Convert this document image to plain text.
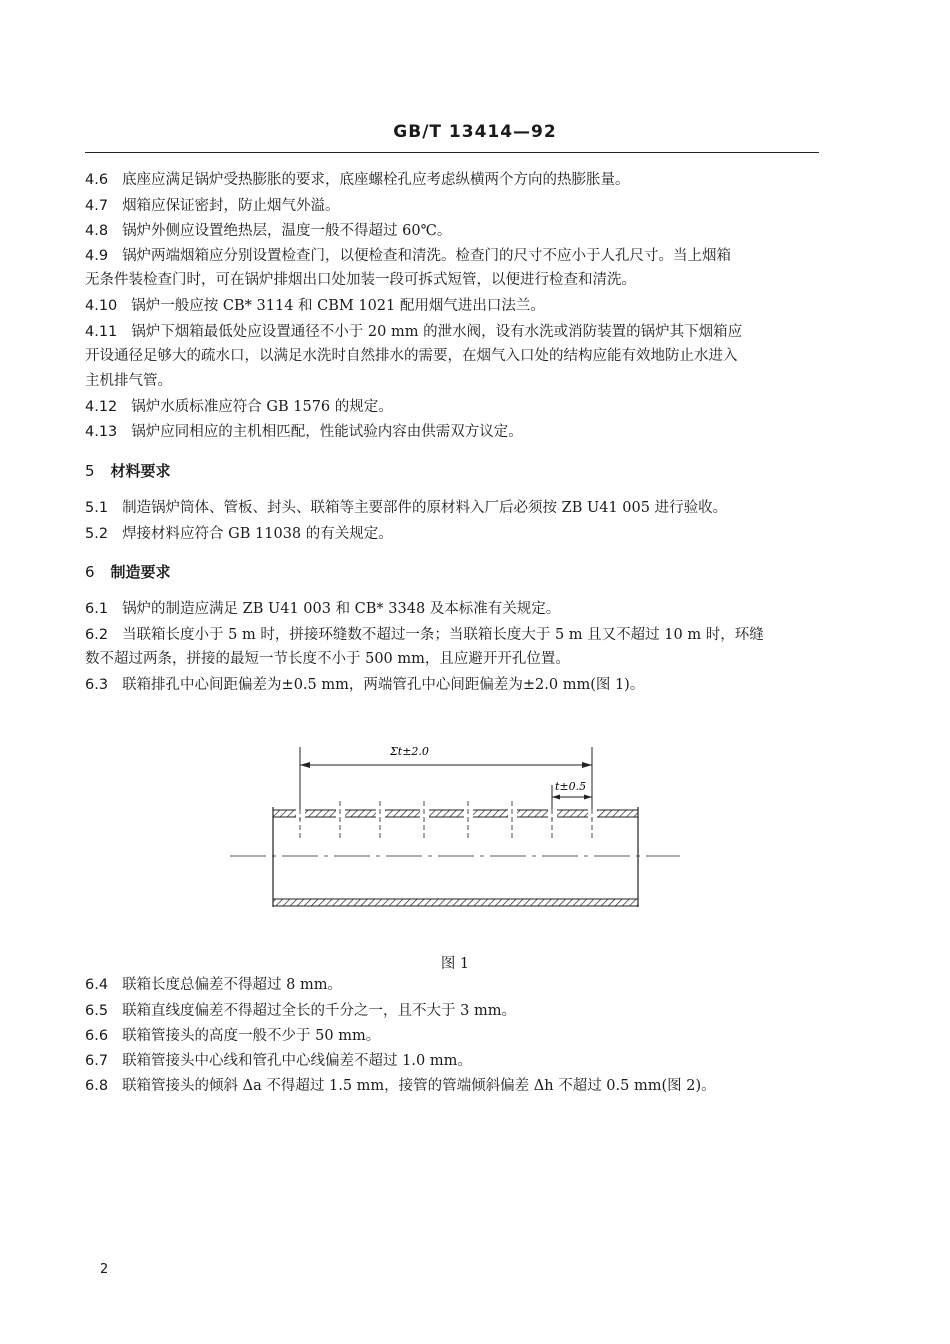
GB/T 13414—92
4.6 底座应满足锅炉受热膨胀的要求，底座螺栓孔应考虑纵横两个方向的热膨胀量。
4.7 烟箱应保证密封，防止烟气外溢。
4.8 锅炉外侧应设置绝热层，温度一般不得超过 60℃。
4.9 锅炉两端烟箱应分别设置检查门，以便检查和清洗。检查门的尺寸不应小于人孔尺寸。当上烟箱
无条件装检查门时，可在锅炉排烟出口处加装一段可拆式短管，以便进行检查和清洗。
4.10 锅炉一般应按 CB* 3114 和 CBM 1021 配用烟气进出口法兰。
4.11 锅炉下烟箱最低处应设置通径不小于 20 mm 的泄水阀，设有水洗或消防装置的锅炉其下烟箱应
开设通径足够大的疏水口，以满足水洗时自然排水的需要，在烟气入口处的结构应能有效地防止水进入
主机排气管。
4.12 锅炉水质标准应符合 GB 1576 的规定。
4.13 锅炉应同相应的主机相匹配，性能试验内容由供需双方议定。
5 材料要求
5.1 制造锅炉筒体、管板、封头、联箱等主要部件的原材料入厂后必须按 ZB U41 005 进行验收。
5.2 焊接材料应符合 GB 11038 的有关规定。
6 制造要求
6.1 锅炉的制造应满足 ZB U41 003 和 CB* 3348 及本标准有关规定。
6.2 当联箱长度小于 5 m 时，拼接环缝数不超过一条；当联箱长度大于 5 m 且又不超过 10 m 时，环缝
数不超过两条，拼接的最短一节长度不小于 500 mm，且应避开开孔位置。
6.3 联箱排孔中心间距偏差为±0.5 mm，两端管孔中心间距偏差为±2.0 mm(图 1)。
Σt±2.0
t±0.5
图 1
6.4 联箱长度总偏差不得超过 8 mm。
6.5 联箱直线度偏差不得超过全长的千分之一，且不大于 3 mm。
6.6 联箱管接头的高度一般不少于 50 mm。
6.7 联箱管接头中心线和管孔中心线偏差不超过 1.0 mm。
6.8 联箱管接头的倾斜 Δa 不得超过 1.5 mm，接管的管端倾斜偏差 Δh 不超过 0.5 mm(图 2)。
2
